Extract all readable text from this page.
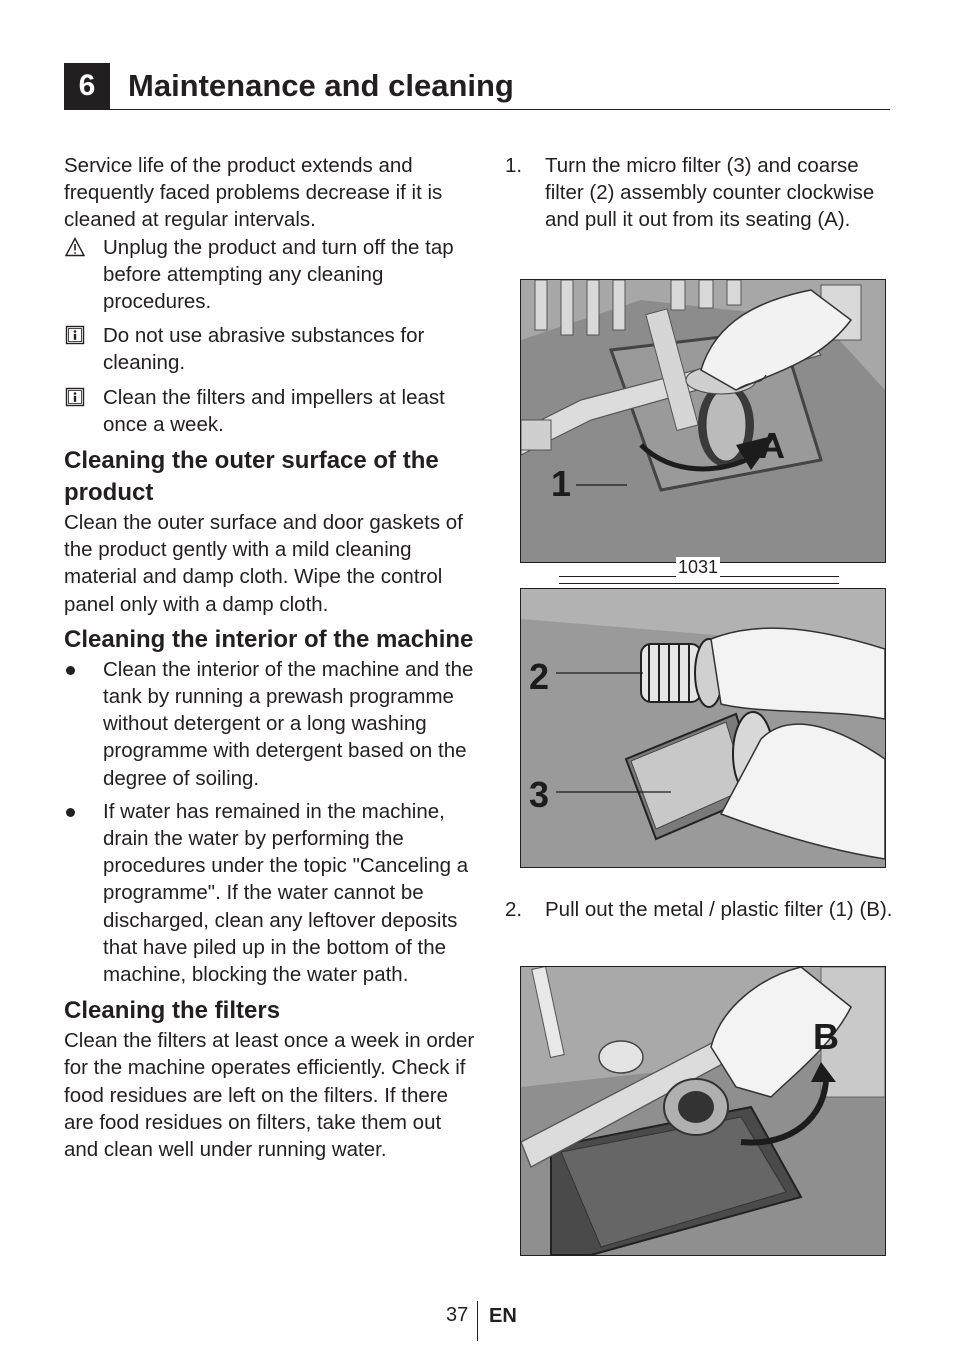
6	Maintenance and cleaning

Service life of the product extends and frequently faced problems decrease if it is cleaned at regular intervals.

Unplug the product and turn off the tap before attempting any cleaning procedures.

Do not use abrasive substances for cleaning.

Clean the filters and impellers at least once a week.

Cleaning the outer surface of the product

Clean the outer surface and door gaskets of the product gently with a mild cleaning material and damp cloth. Wipe the control panel only with a damp cloth.

Cleaning the interior of the machine

Clean the interior of the machine and the tank by running a prewash programme without detergent or a long washing programme with detergent based on the degree of soiling.

If water has remained in the machine, drain the water by performing the procedures under the topic "Canceling a programme". If the water cannot be discharged, clean any leftover deposits that have piled up in the bottom of the machine, blocking the water path.

Cleaning the filters

Clean the filters at least once a week in order for the machine operates efficiently. Check if food residues are left on the filters. If there are food residues on filters, take them out and clean well under running water.

1. Turn the micro filter (3) and coarse filter (2) assembly counter clockwise and pull it out from its seating (A).

1
A
1031
2
3
2. Pull out the metal / plastic filter (1) (B).

B
37 EN
